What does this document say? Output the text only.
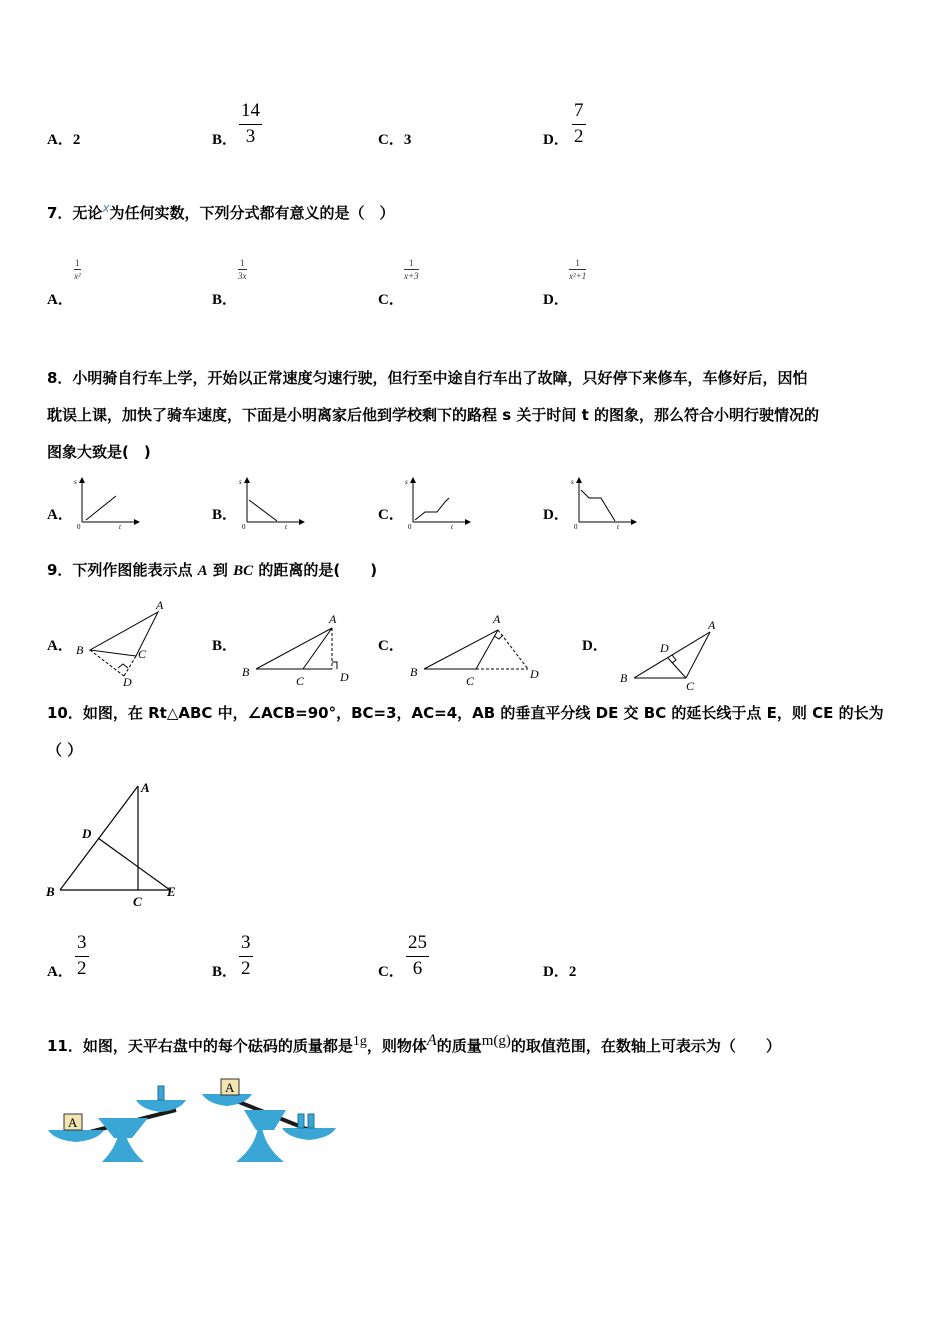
A．2	B．
14
3	C．3	D．
7
2
7．无论$^x$为任何实数，下列分式都有意义的是（　）
A．
1
x²
B．
1
3x
C．
1
x+3
D．
1
x²+1
8．小明骑自行车上学，开始以正常速度匀速行驶，但行至中途自行车出了故障，只好停下来修车，车修好后，因怕
耽误上课，加快了骑车速度，下面是小明离家后他到学校剩下的路程 s 关于时间 t 的图象，那么符合小明行驶情况的
图象大致是(　)
A．
s
t
0
B．
s
t
0
C．
s
t
0
D．
s
t
0
9．下列作图能表示点 A 到 BC 的距离的是(　　)
A．
A
B	C
D
B．
A
B
C	D
C．
A
B
C	D
D．
A
B
C
D
10．如图，在 Rt△ABC 中，∠ACB=90°，BC=3，AC=4，AB 的垂直平分线 DE 交 BC 的延长线于点 E，则 CE 的长为
（ ）
A
D
B
C
E
A．
3
2	B．
3
2	C．
25
6	D．2
11．如图，天平右盘中的每个砝码的质量都是$^{1g}$，则物体$^A$的质量$^{m(g)}$的取值范围，在数轴上可表示为（　　）
A
A
